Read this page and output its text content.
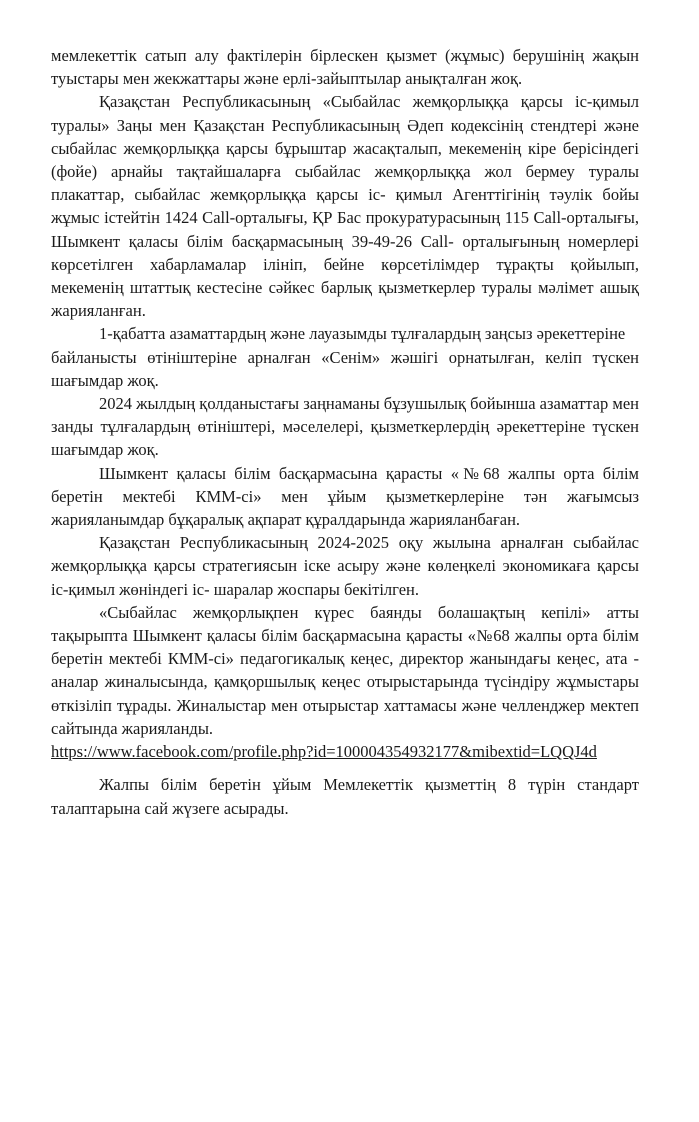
мемлекеттік сатып алу фактілерін бірлескен қызмет (жұмыс) берушінің жақын туыстары мен жекжаттары және ерлі-зайыптылар анықталған жоқ.

Қазақстан Республикасының «Сыбайлас жемқорлыққа қарсы іс-қимыл туралы» Заңы мен Қазақстан Республикасының Әдеп кодексінің стендтері және сыбайлас жемқорлыққа қарсы бұрыштар жасақталып, мекеменің кіре берісіндегі (фойе) арнайы тақтайшаларға сыбайлас жемқорлыққа жол бермеу туралы плакаттар, сыбайлас жемқорлыққа қарсы іс- қимыл Агенттігінің тәулік бойы жұмыс істейтін 1424 Call-орталығы, ҚР Бас прокуратурасының 115 Call-орталығы, Шымкент қаласы білім басқармасының 39-49-26 Call- орталығының номерлері көрсетілген хабарламалар ілініп, бейне көрсетілімдер тұрақты қойылып, мекеменің штаттық кестесіне сәйкес барлық қызметкерлер туралы мәлімет ашық жарияланған.

1-қабатта азаматтардың және лауазымды тұлғалардың заңсыз әрекеттеріне

байланысты өтініштеріне арналған «Сенім» жәшігі орнатылған, келіп түскен шағымдар жоқ.

2024 жылдың қолданыстағы заңнаманы бұзушылық бойынша азаматтар мен занды тұлғалардың өтініштері, мәселелері, қызметкерлердің әрекеттеріне түскен шағымдар жоқ.

Шымкент қаласы білім басқармасына қарасты «№68 жалпы орта білім беретін мектебі КММ-сі» мен ұйым қызметкерлеріне тән жағымсыз жарияланымдар бұқаралық ақпарат құралдарында жарияланбаған.

Қазақстан Республикасының 2024-2025 оқу жылына арналған сыбайлас жемқорлыққа қарсы стратегиясын іске асыру және көлеңкелі экономикаға қарсы іс-қимыл жөніндегі іс- шаралар жоспары бекітілген.

«Сыбайлас жемқорлықпен күрес баянды болашақтың кепілі» атты тақырыпта Шымкент қаласы білім басқармасына қарасты «№68 жалпы орта білім беретін мектебі КММ-сі» педагогикалық кеңес, директор жанындағы кеңес, ата - аналар жиналысында, қамқоршылық кеңес отырыстарында түсіндіру жұмыстары өткізіліп тұрады. Жиналыстар мен отырыстар хаттамасы және челленджер мектеп сайтында жарияланды.

https://www.facebook.com/profile.php?id=100004354932177&mibextid=LQQJ4d

Жалпы білім беретін ұйым Мемлекеттік қызметтің 8 түрін стандарт талаптарына сай жүзеге асырады.
